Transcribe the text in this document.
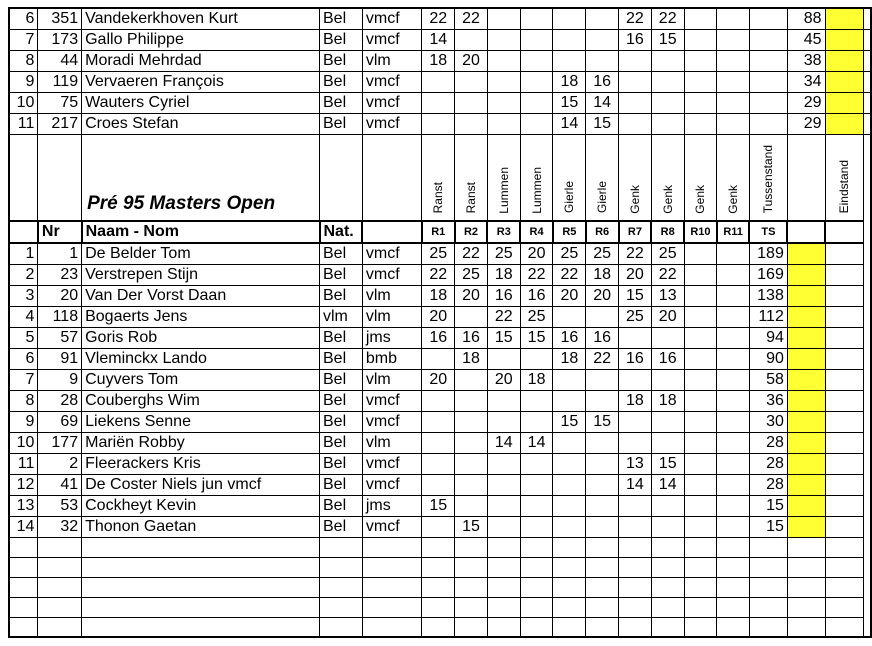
6	351	Vandekerkhoven Kurt	Bel	vmcf	22	22					22	22				88		
7	173	Gallo Philippe	Bel	vmcf	14						16	15				45		
8	44	Moradi Mehrdad	Bel	vlm	18	20										38		
9	119	Vervaeren François	Bel	vmcf					18	16						34		
10	75	Wauters Cyriel	Bel	vmcf					15	14						29		
11	217	Croes Stefan	Bel	vmcf					14	15						29		

		Pré 95 Masters Open			Ranst	Ranst	Lummen	Lummen	Gierle	Gierle	Genk	Genk	Genk	Genk	Tussenstand		Eindstand	
	Nr	Naam - Nom	Nat.		R1	R2	R3	R4	R5	R6	R7	R8	R10	R11	TS			
1	1	De Belder Tom	Bel	vmcf	25	22	25	20	25	25	22	25			189			
2	23	Verstrepen Stijn	Bel	vmcf	22	25	18	22	22	18	20	22			169			
3	20	Van Der Vorst Daan	Bel	vlm	18	20	16	16	20	20	15	13			138			
4	118	Bogaerts Jens	vlm	vlm	20		22	25			25	20			112			
5	57	Goris Rob	Bel	jms	16	16	15	15	16	16					94			
6	91	Vleminckx Lando	Bel	bmb		18			18	22	16	16			90			
7	9	Cuyvers Tom	Bel	vlm	20		20	18							58			
8	28	Couberghs Wim	Bel	vmcf							18	18			36			
9	69	Liekens Senne	Bel	vmcf					15	15					30			
10	177	Mariën Robby	Bel	vlm			14	14							28			
11	2	Fleerackers Kris	Bel	vmcf							13	15			28			
12	41	De Coster Niels jun vmcf	Bel	vmcf							14	14			28			
13	53	Cockheyt Kevin	Bel	jms	15										15			
14	32	Thonon Gaetan	Bel	vmcf		15									15			
